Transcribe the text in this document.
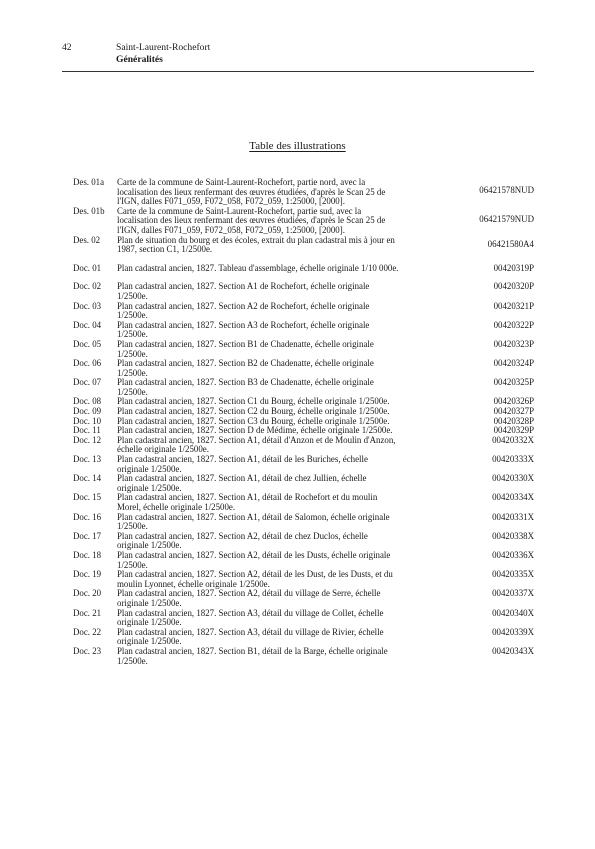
42	Saint-Laurent-Rochefort
Généralités
Table des illustrations
Des. 01a	Carte de la commune de Saint-Laurent-Rochefort, partie nord, avec la
localisation des lieux renfermant des œuvres étudiées, d'après le Scan 25 de
l'IGN, dalles F071_059, F072_058, F072_059, 1:25000, [2000].
06421578NUD
Des. 01b	Carte de la commune de Saint-Laurent-Rochefort, partie sud, avec la
localisation des lieux renfermant des œuvres étudiées, d'après le Scan 25 de
l'IGN, dalles F071_059, F072_058, F072_059, 1:25000, [2000].
06421579NUD
Des. 02	Plan de situation du bourg et des écoles, extrait du plan cadastral mis à jour en
1987, section C1, 1/2500e.
06421580A4
Doc. 01	Plan cadastral ancien, 1827. Tableau d'assemblage, échelle originale 1/10 000e.	00420319P
Doc. 02	Plan cadastral ancien, 1827. Section A1 de Rochefort, échelle originale
1/2500e.
00420320P
Doc. 03	Plan cadastral ancien, 1827. Section A2 de Rochefort, échelle originale
1/2500e.
00420321P
Doc. 04	Plan cadastral ancien, 1827. Section A3 de Rochefort, échelle originale
1/2500e.
00420322P
Doc. 05	Plan cadastral ancien, 1827. Section B1 de Chadenatte, échelle originale
1/2500e.
00420323P
Doc. 06	Plan cadastral ancien, 1827. Section B2 de Chadenatte, échelle originale
1/2500e.
00420324P
Doc. 07	Plan cadastral ancien, 1827. Section B3 de Chadenatte, échelle originale
1/2500e.
00420325P
Doc. 08	Plan cadastral ancien, 1827. Section C1 du Bourg, échelle originale 1/2500e.	00420326P
Doc. 09	Plan cadastral ancien, 1827. Section C2 du Bourg, échelle originale 1/2500e.	00420327P
Doc. 10	Plan cadastral ancien, 1827. Section C3 du Bourg, échelle originale 1/2500e.	00420328P
Doc. 11	Plan cadastral ancien, 1827. Section D de Médime, échelle originale 1/2500e.	00420329P
Doc. 12	Plan cadastral ancien, 1827. Section A1, détail d'Anzon et de Moulin d'Anzon,
échelle originale 1/2500e.
00420332X
Doc. 13	Plan cadastral ancien, 1827. Section A1, détail de les Buriches, échelle
originale 1/2500e.
00420333X
Doc. 14	Plan cadastral ancien, 1827. Section A1, détail de chez Jullien, échelle
originale 1/2500e.
00420330X
Doc. 15	Plan cadastral ancien, 1827. Section A1, détail de Rochefort et du moulin
Morel, échelle originale 1/2500e.
00420334X
Doc. 16	Plan cadastral ancien, 1827. Section A1, détail de Salomon, échelle originale
1/2500e.
00420331X
Doc. 17	Plan cadastral ancien, 1827. Section A2, détail de chez Duclos, échelle
originale 1/2500e.
00420338X
Doc. 18	Plan cadastral ancien, 1827. Section A2, détail de les Dusts, échelle originale
1/2500e.
00420336X
Doc. 19	Plan cadastral ancien, 1827. Section A2, détail de les Dust, de les Dusts, et du
moulin Lyonnet, échelle originale 1/2500e.
00420335X
Doc. 20	Plan cadastral ancien, 1827. Section A2, détail du village de Serre, échelle
originale 1/2500e.
00420337X
Doc. 21	Plan cadastral ancien, 1827. Section A3, détail du village de Collet, échelle
originale 1/2500e.
00420340X
Doc. 22	Plan cadastral ancien, 1827. Section A3, détail du village de Rivier, échelle
originale 1/2500e.
00420339X
Doc. 23	Plan cadastral ancien, 1827. Section B1, détail de la Barge, échelle originale
1/2500e.
00420343X
